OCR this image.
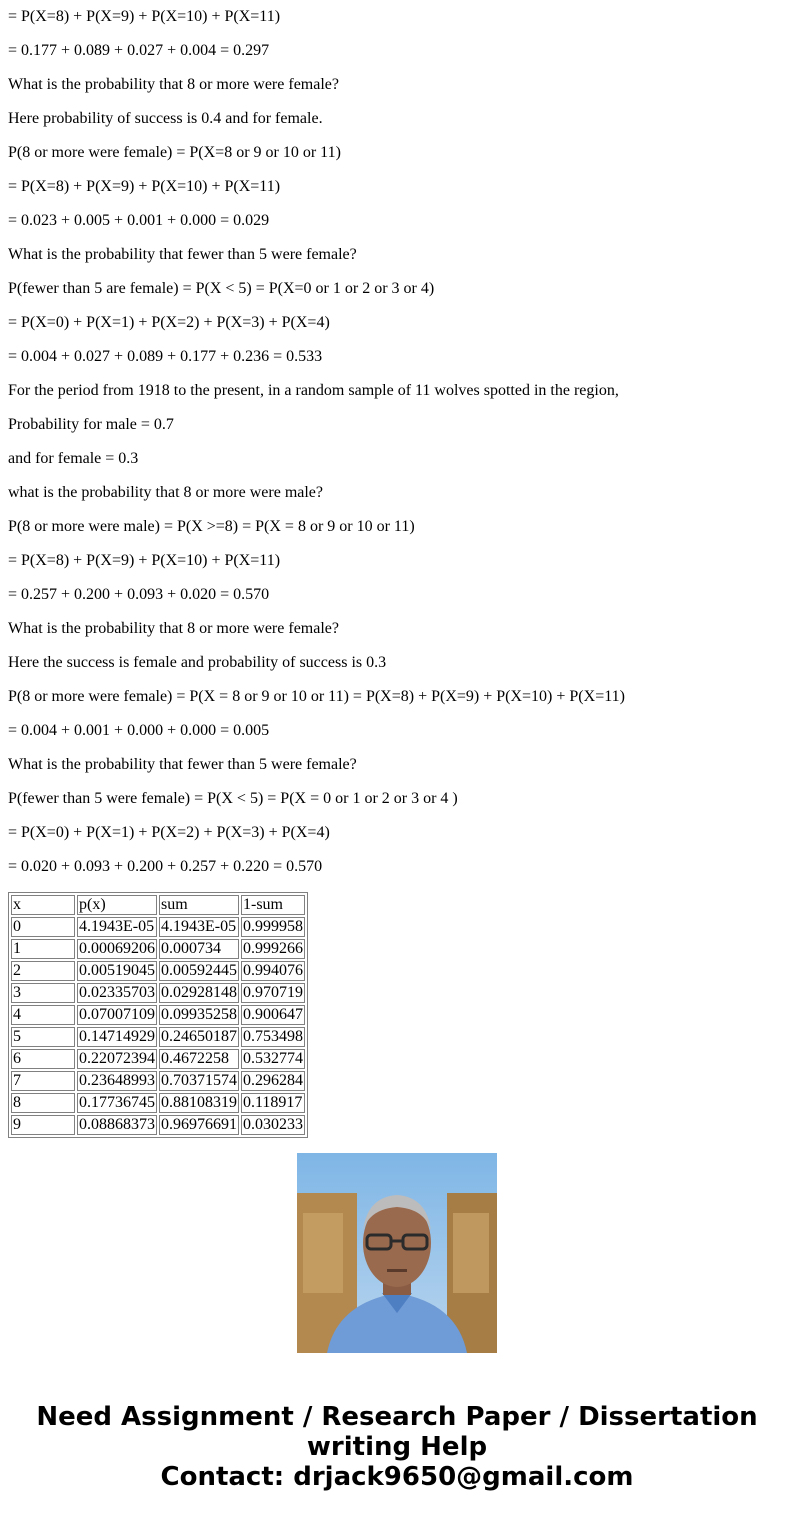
= P(X=8) + P(X=9) + P(X=10) + P(X=11)
= 0.177 + 0.089 + 0.027 + 0.004 = 0.297
What is the probability that 8 or more were female?
Here probability of success is 0.4 and for female.
P(8 or more were female) = P(X=8 or 9 or 10 or 11)
= P(X=8) + P(X=9) + P(X=10) + P(X=11)
= 0.023 + 0.005 + 0.001 + 0.000 = 0.029
What is the probability that fewer than 5 were female?
P(fewer than 5 are female) = P(X < 5) = P(X=0 or 1 or 2 or 3 or 4)
= P(X=0) + P(X=1) + P(X=2) + P(X=3) + P(X=4)
= 0.004 + 0.027 + 0.089 + 0.177 + 0.236 = 0.533
For the period from 1918 to the present, in a random sample of 11 wolves spotted in the region,
Probability for male = 0.7
and for female = 0.3
what is the probability that 8 or more were male?
P(8 or more were male) = P(X >=8) = P(X = 8 or 9 or 10 or 11)
= P(X=8) + P(X=9) + P(X=10) + P(X=11)
= 0.257 + 0.200 + 0.093 + 0.020 = 0.570
What is the probability that 8 or more were female?
Here the success is female and probability of success is 0.3
P(8 or more were female) = P(X = 8 or 9 or 10 or 11) = P(X=8) + P(X=9) + P(X=10) + P(X=11)
= 0.004 + 0.001 + 0.000 + 0.000 = 0.005
What is the probability that fewer than 5 were female?
P(fewer than 5 were female) = P(X < 5) = P(X = 0 or 1 or 2 or 3 or 4 )
= P(X=0) + P(X=1) + P(X=2) + P(X=3) + P(X=4)
= 0.020 + 0.093 + 0.200 + 0.257 + 0.220 = 0.570
x	p(x)	sum	1-sum
0	4.1943E-05	4.1943E-05	0.999958
1	0.00069206	0.000734	0.999266
2	0.00519045	0.00592445	0.994076
3	0.02335703	0.02928148	0.970719
4	0.07007109	0.09935258	0.900647
5	0.14714929	0.24650187	0.753498
6	0.22072394	0.4672258	0.532774
7	0.23648993	0.70371574	0.296284
8	0.17736745	0.88108319	0.118917
9	0.08868373	0.96976691	0.030233
Need Assignment / Research Paper / Dissertation
writing Help
Contact: drjack9650@gmail.com
